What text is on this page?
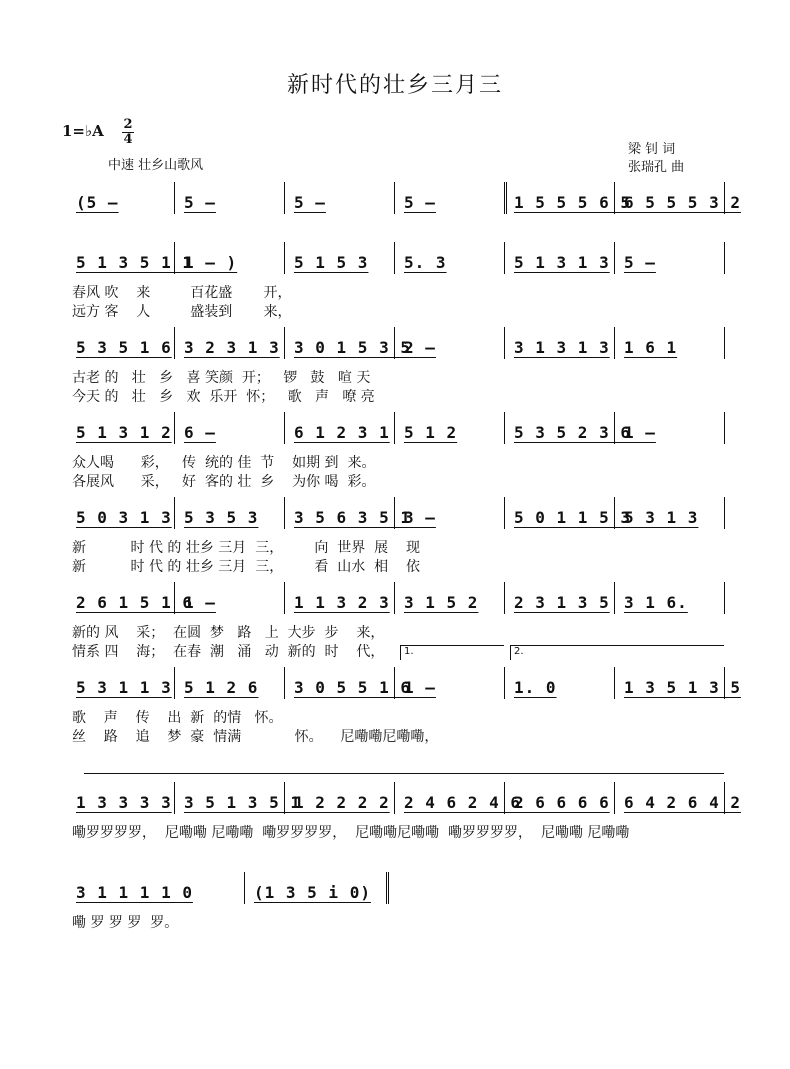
新时代的壮乡三月三
1=♭A 2
4
中速 壮乡山歌风
梁 钊 词
张瑞孔 曲
(5 –	5 –	5 –	5 –	1 5 5 5 6 5
6 5 5 5 3 2
5 1 3 5 1 1
1 – )	5 1 5 3 5. 3	5 1 3 1 3 5 –
春风 吹    来         百花盛       开，
远方 客    人         盛装到       来，
5 3 5 1 6 3 2 3 1 3 3 0 1 5 3 5
2 –	3 1 3 1 3 1 6 1
古老 的   壮   乡   喜 笑颜  开；   锣   鼓   喧 天
今天 的   壮   乡   欢  乐开  怀；   歌   声   嘹 亮
5 1 3 1 2 6 –	6 1 2 3 1 5 1 2	5 3 5 2 3 6
1 –
众人喝      彩，   传  统的 佳  节    如期 到  来。
各展风      采，   好  客的 壮  乡    为你 喝  彩。
5 0 3 1 3 5 3 5 3 3 5 6 3 5 1
3 –	5 0 1 1 5 3
5 3 1 3
新          时 代 的 壮乡 三月  三，       向  世界  展    现
新          时 代 的 壮乡 三月  三，       看  山水  相    依
2 6 1 5 1 6
1 –	1 1 3 2 3 3 1 5 2 2 3 1 3 5 3 1 6.
新的 风    采；  在圆  梦   路   上  大步  步    来，
情系 四    海；  在春  潮   涌   动  新的  时    代，
5 3 1 1 3 5 1 2 6 3 0 5 5 1 6
1 –	1. 0	1 3 5 1 3 5
1.	2.
歌    声    传    出  新  的情   怀。
丝    路    追    梦  豪  情满            怀。    尼嘞嘞尼嘞嘞，
1 3 3 3 3 3 5 1 3 5 1
1 2 2 2 2 2 4 6 2 4 6
2 6 6 6 6 6 4 2 6 4 2
嘞罗罗罗罗，  尼嘞嘞 尼嘞嘞  嘞罗罗罗罗，  尼嘞嘞尼嘞嘞  嘞罗罗罗罗，  尼嘞嘞 尼嘞嘞
3 1 1 1 1 0	(1 3 5 i 0)
嘞 罗 罗 罗  罗。
